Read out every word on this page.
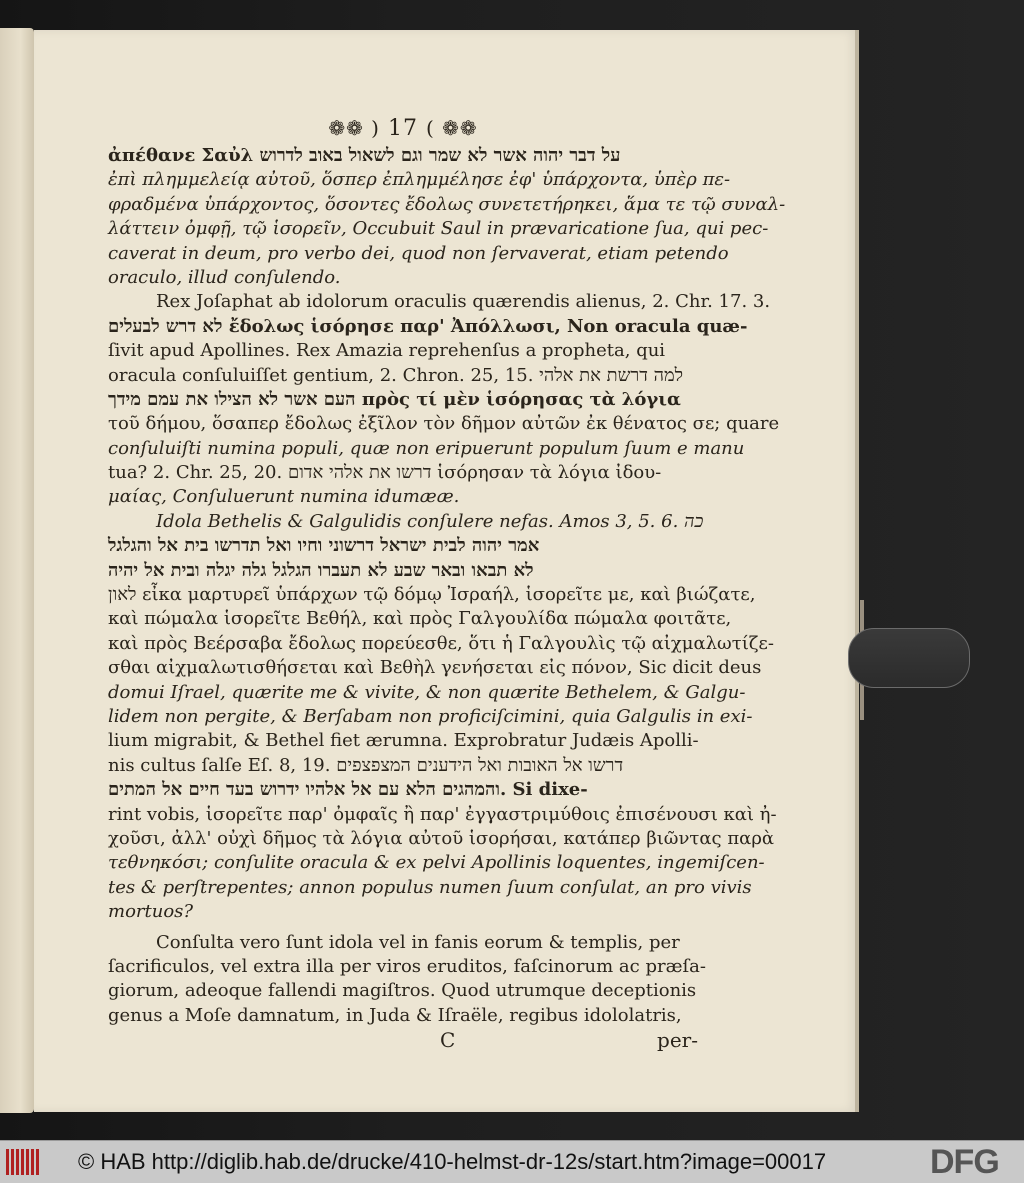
❁❁ ) 17 ( ❁❁
ἀπέθανε Σαὐλ על דבר יהוה אשר לא שמר וגם לשאול באוב לדרוש
ἐπὶ πλημμελείᾳ αὐτοῦ, ὅσπερ ἐπλημμέλησε ἐφ' ὑπάρχοντα, ὑπὲρ πε-
φραδμένα ὑπάρχοντος, ὅσοντες ἔδολως συνετετήρηκει, ἅμα τε τῷ συναλ-
λάττειν ὀμφῇ, τῷ ἱσορεῖν, Occubuit Saul in prævaricatione ſua, qui pec-
caverat in deum, pro verbo dei, quod non ſervaverat, etiam petendo
oraculo, illud conſulendo.
Rex Joſaphat ab idolorum oraculis quærendis alienus, 2. Chr. 17. 3.
לא דרש לבעלים ἔδολως ἱσόρησε παρ' Ἀπόλλωσι, Non oracula quæ-
ſivit apud Apollines. Rex Amazia reprehenſus a propheta, qui
oracula conſuluiſſet gentium, 2. Chron. 25, 15. למה דרשת את אלהי
העם אשר לא הצילו את עמם מידך πρὸς τί μὲν ἱσόρησας τὰ λόγια
τοῦ δήμου, ὅσαπερ ἔδολως ἐξῖλον τὸν δῆμον αὐτῶν ἐκ θένατος σε; quare
conſuluiſti numina populi, quæ non eripuerunt populum ſuum e manu
tua? 2. Chr. 25, 20. דרשו את אלהי אדום ἱσόρησαν τὰ λόγια ἰδου-
μαίας, Conſuluerunt numina idumææ.
Idola Bethelis & Galgulidis conſulere nefas. Amos 3, 5. 6. כה
אמר יהוה לבית ישראל דרשוני וחיו ואל תדרשו בית אל והגלגל
לא תבאו ובאר שבע לא תעברו הגלגל גלה יגלה ובית אל יהיה
לאון εἶκα μαρτυρεῖ ὑπάρχων τῷ δόμῳ Ἰσραήλ, ἱσορεῖτε με, καὶ βιώζατε,
καὶ πώμαλα ἱσορεῖτε Βεθήλ, καὶ πρὸς Γαλγουλίδα πώμαλα φοιτᾶτε,
καὶ πρὸς Βεέρσαβα ἔδολως πορεύεσθε, ὅτι ἡ Γαλγουλὶς τῷ αἰχμαλωτίζε-
σθαι αἰχμαλωτισθήσεται καὶ Βεθὴλ γενήσεται εἰς πόνον, Sic dicit deus
domui Iſrael, quærite me & vivite, & non quærite Bethelem, & Galgu-
lidem non pergite, & Berſabam non proficiſcimini, quia Galgulis in exi-
lium migrabit, & Bethel fiet ærumna. Exprobratur Judæis Apolli-
nis cultus ſalſe Eſ. 8, 19. דרשו אל האובות ואל הידענים המצפצפים
והמהגים הלא עם אל אלהיו ידרוש בעד חיים אל המתים. Si dixe-
rint vobis, ἱσορεῖτε παρ' ὀμφαῖς ἢ παρ' ἐγγαστριμύθοις ἐπισένουσι καὶ ἠ-
χοῦσι, ἀλλ' οὐχὶ δῆμος τὰ λόγια αὐτοῦ ἱσορήσαι, κατάπερ βιῶντας παρὰ
τεθνηκόσι; conſulite oracula & ex pelvi Apollinis loquentes, ingemiſcen-
tes & perſtrepentes; annon populus numen ſuum conſulat, an pro vivis
mortuos?
Conſulta vero ſunt idola vel in fanis eorum & templis, per
ſacrificulos, vel extra illa per viros eruditos, faſcinorum ac præſa-
giorum, adeoque fallendi magiſtros. Quod utrumque deceptionis
genus a Moſe damnatum, in Juda & Iſraële, regibus idololatris,
C	per-
© HAB http://diglib.hab.de/drucke/410-helmst-dr-12s/start.htm?image=00017	DFG
